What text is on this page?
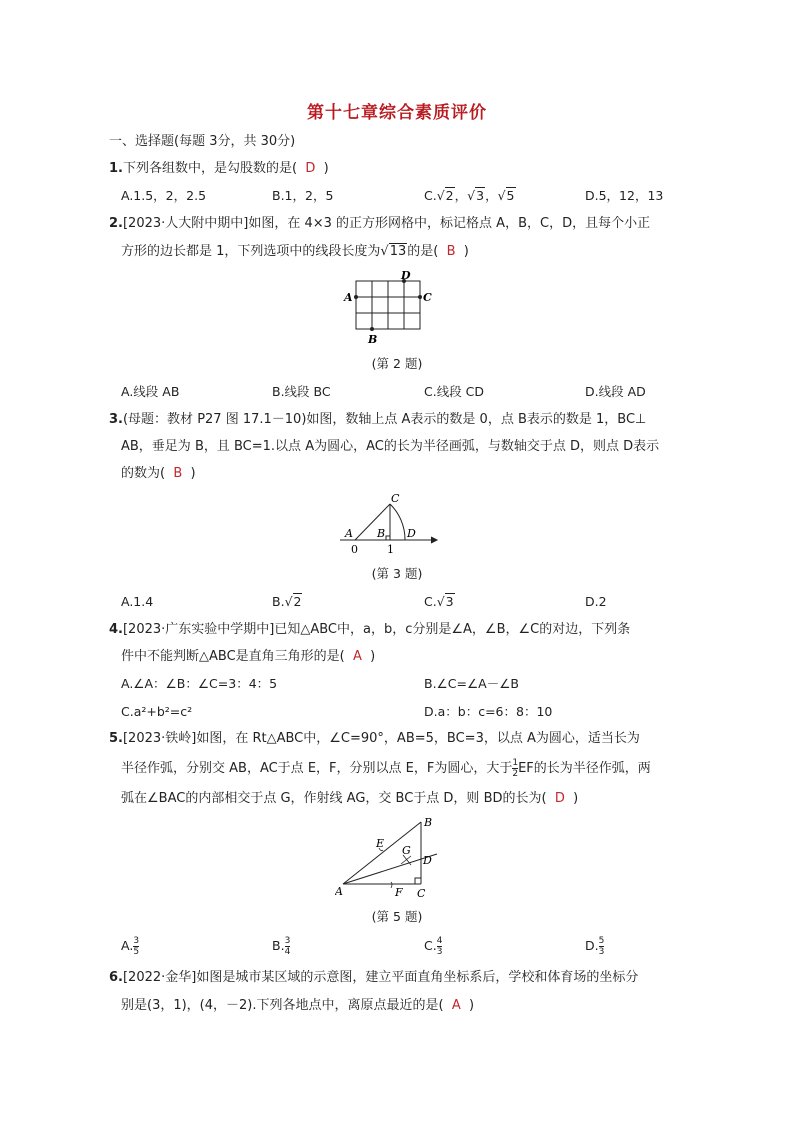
第十七章综合素质评价
一、选择题(每题 3分，共 30分)
1.下列各组数中，是勾股数的是( D )
A.1.5，2，2.5	B.1，2，5	C.√2，√3，√5	D.5，12，13
2.[2023·人大附中期中]如图，在 4×3 的正方形网格中，标记格点 A，B，C，D，且每个小正
方形的边长都是 1，下列选项中的线段长度为√13的是( B )
A	C
D
B
(第 2 题)
A.线段 AB	B.线段 BC	C.线段 CD	D.线段 AD
3.(母题：教材 P27 图 17.1－10)如图，数轴上点 A表示的数是 0，点 B表示的数是 1，BC⊥
AB，垂足为 B，且 BC=1.以点 A为圆心，AC的长为半径画弧，与数轴交于点 D，则点 D表示
的数为( B )
A B
C
D
0	1
(第 3 题)
A.1.4	B.√2	C.√3	D.2
4.[2023·广东实验中学期中]已知△ABC中，a，b，c分别是∠A，∠B，∠C的对边，下列条
件中不能判断△ABC是直角三角形的是( A )
A.∠A：∠B：∠C=3：4：5	B.∠C=∠A－∠B
C.a²+b²=c²	D.a：b：c=6：8：10
5.[2023·铁岭]如图，在 Rt△ABC中，∠C=90°，AB=5，BC=3，以点 A为圆心，适当长为
半径作弧，分别交 AB，AC于点 E，F，分别以点 E，F为圆心，大于 $\frac{1}{2}$ EF的长为半径作弧，两
弧在∠BAC的内部相交于点 G，作射线 AG，交 BC于点 D，则 BD的长为( D )
A
B
C
D
E
F
G
(第 5 题)
A. $\frac{3}{5}$	B. $\frac{3}{4}$	C. $\frac{4}{3}$	D. $\frac{5}{3}$
6.[2022·金华]如图是城市某区域的示意图，建立平面直角坐标系后，学校和体育场的坐标分
别是(3，1)，(4，－2).下列各地点中，离原点最近的是( A )
